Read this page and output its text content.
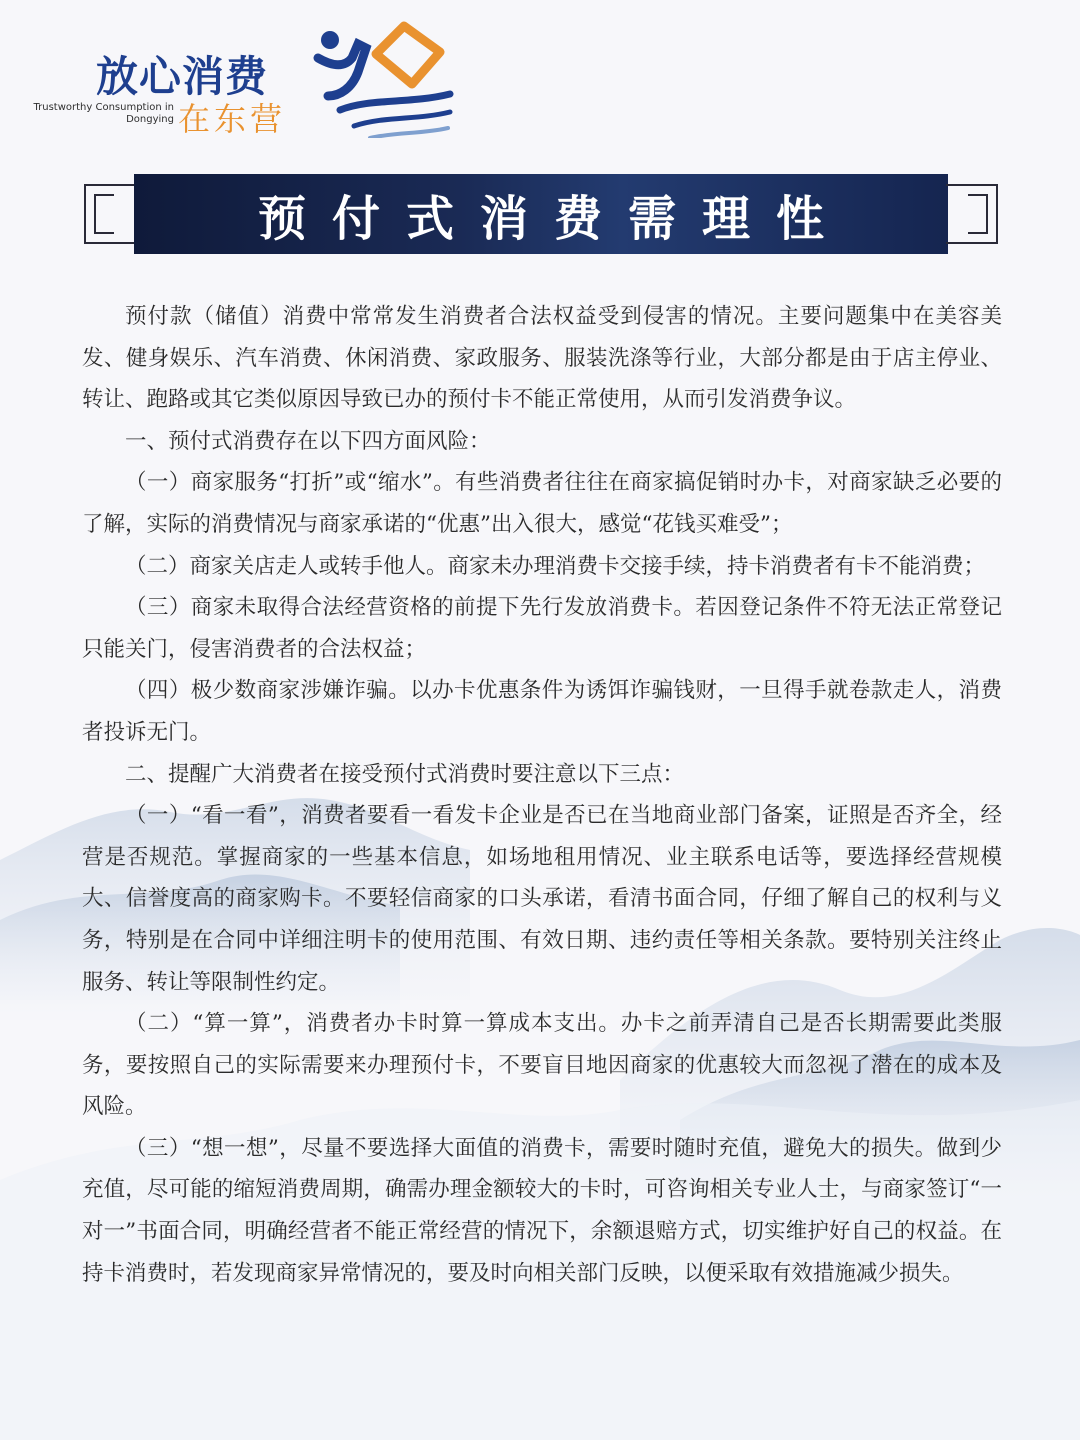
放心消费
Trustworthy Consumption in Dongying 在东营
预付式消费需理性

预付款（储值）消费中常常发生消费者合法权益受到侵害的情况。主要问题集中在美容美发、健身娱乐、汽车消费、休闲消费、家政服务、服装洗涤等行业，大部分都是由于店主停业、转让、跑路或其它类似原因导致已办的预付卡不能正常使用，从而引发消费争议。

一、预付式消费存在以下四方面风险：

（一）商家服务“打折”或“缩水”。有些消费者往往在商家搞促销时办卡，对商家缺乏必要的了解，实际的消费情况与商家承诺的“优惠”出入很大，感觉“花钱买难受”；

（二）商家关店走人或转手他人。商家未办理消费卡交接手续，持卡消费者有卡不能消费；

（三）商家未取得合法经营资格的前提下先行发放消费卡。若因登记条件不符无法正常登记只能关门，侵害消费者的合法权益；

（四）极少数商家涉嫌诈骗。以办卡优惠条件为诱饵诈骗钱财，一旦得手就卷款走人，消费者投诉无门。

二、提醒广大消费者在接受预付式消费时要注意以下三点：

（一）“看一看”，消费者要看一看发卡企业是否已在当地商业部门备案，证照是否齐全，经营是否规范。掌握商家的一些基本信息，如场地租用情况、业主联系电话等，要选择经营规模大、信誉度高的商家购卡。不要轻信商家的口头承诺，看清书面合同，仔细了解自己的权利与义务，特别是在合同中详细注明卡的使用范围、有效日期、违约责任等相关条款。要特别关注终止服务、转让等限制性约定。

（二）“算一算”，消费者办卡时算一算成本支出。办卡之前弄清自己是否长期需要此类服务，要按照自己的实际需要来办理预付卡，不要盲目地因商家的优惠较大而忽视了潜在的成本及风险。

（三）“想一想”，尽量不要选择大面值的消费卡，需要时随时充值，避免大的损失。做到少充值，尽可能的缩短消费周期，确需办理金额较大的卡时，可咨询相关专业人士，与商家签订“一对一”书面合同，明确经营者不能正常经营的情况下，余额退赔方式，切实维护好自己的权益。在持卡消费时，若发现商家异常情况的，要及时向相关部门反映，以便采取有效措施减少损失。
